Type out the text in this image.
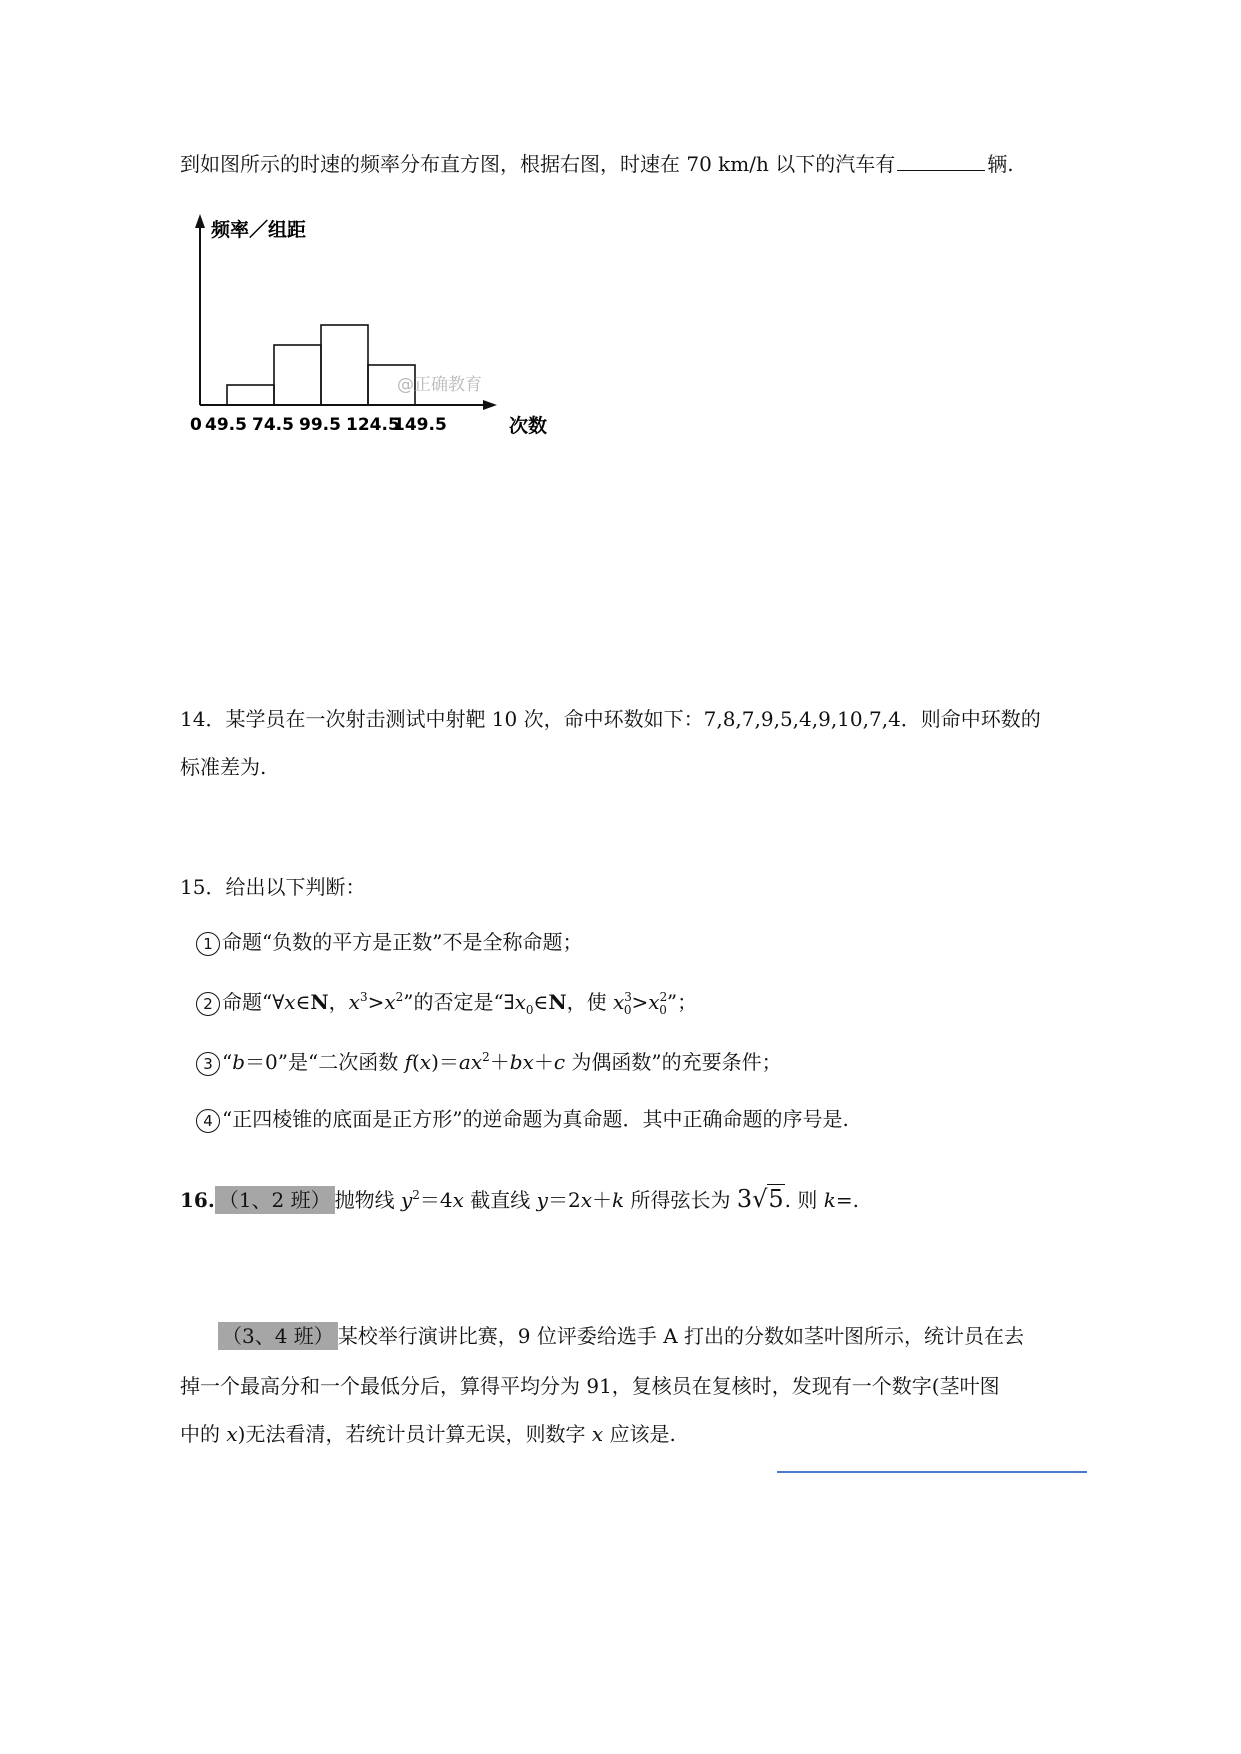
到如图所示的时速的频率分布直方图，根据右图，时速在 70 km/h 以下的汽车有	辆.
0 49.5 74.5 99.5 124.5
149.5
频率／组距
次数
@正确教育
14．某学员在一次射击测试中射靶 10 次，命中环数如下：7,8,7,9,5,4,9,10,7,4．则命中环数的
标准差为.
15．给出以下判断：
1 命题“负数的平方是正数”不是全称命题；
2 命题“∀x∈N，$x^3>x^2$”的否定是“$\exists x_0\in N$，使 $x^3_0>x^2_0$”；
3 “b＝0”是“二次函数 $f(x)=ax^2+bx+c$ 为偶函数”的充要条件；
4 “正四棱锥的底面是正方形”的逆命题为真命题．其中正确命题的序号是.
16. （1、2 班） 抛物线 $y^2=4x$ 截直线 y＝2x＋k 所得弦长为 3√5. 则 k=.
（3、4 班） 某校举行演讲比赛，9 位评委给选手 A 打出的分数如茎叶图所示，统计员在去
掉一个最高分和一个最低分后，算得平均分为 91，复核员在复核时，发现有一个数字(茎叶图
中的 x)无法看清，若统计员计算无误，则数字 x 应该是.
